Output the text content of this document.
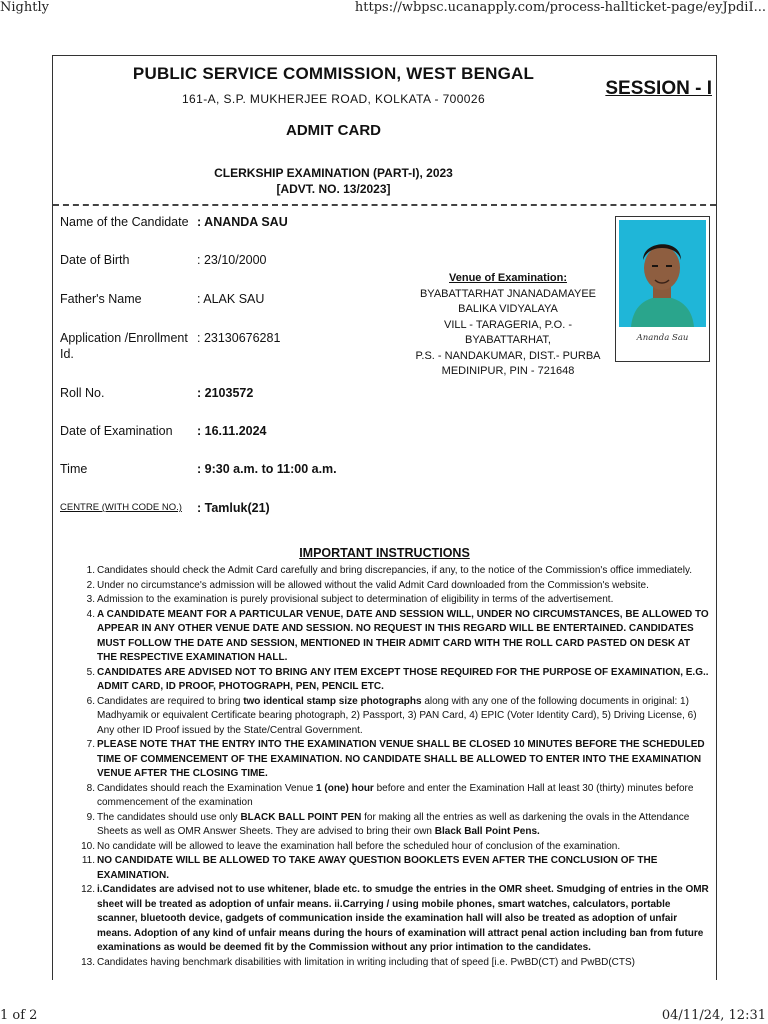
Nightly	https://wbpsc.ucanapply.com/process-hallticket-page/eyJpdiI...
1 of 2	04/11/24, 12:31
PUBLIC SERVICE COMMISSION, WEST BENGAL
161-A, S.P. MUKHERJEE ROAD, KOLKATA - 700026	SESSION - I
ADMIT CARD
CLERKSHIP EXAMINATION (PART-I), 2023
[ADVT. NO. 13/2023]
Name of the Candidate : ANANDA SAU
Date of Birth	: 23/10/2000
Father's Name	: ALAK SAU
Application /Enrollment Id.
: 23130676281
Roll No.	: 2103572
Date of Examination	: 16.11.2024
Time	: 9:30 a.m. to 11:00 a.m.
CENTRE (WITH CODE NO.)	: Tamluk(21)
Venue of Examination:
BYABATTARHAT JNANADAMAYEE
BALIKA VIDYALAYA
VILL - TARAGERIA, P.O. - BYABATTARHAT,
P.S. - NANDAKUMAR, DIST.- PURBA
MEDINIPUR, PIN - 721648
Ananda Sau
IMPORTANT INSTRUCTIONS
1. Candidates should check the Admit Card carefully and bring discrepancies, if any, to the notice of the Commission's office immediately.
2. Under no circumstance's admission will be allowed without the valid Admit Card downloaded from the Commission's website.
3. Admission to the examination is purely provisional subject to determination of eligibility in terms of the advertisement.
4. A CANDIDATE MEANT FOR A PARTICULAR VENUE, DATE AND SESSION WILL, UNDER NO CIRCUMSTANCES, BE ALLOWED TO APPEAR IN ANY OTHER VENUE DATE AND SESSION. NO REQUEST IN THIS REGARD WILL BE ENTERTAINED. CANDIDATES MUST FOLLOW THE DATE AND SESSION, MENTIONED IN THEIR ADMIT CARD WITH THE ROLL CARD PASTED ON DESK AT THE RESPECTIVE EXAMINATION HALL.
5. CANDIDATES ARE ADVISED NOT TO BRING ANY ITEM EXCEPT THOSE REQUIRED FOR THE PURPOSE OF EXAMINATION, E.G.. ADMIT CARD, ID PROOF, PHOTOGRAPH, PEN, PENCIL ETC.
6. Candidates are required to bring two identical stamp size photographs along with any one of the following documents in original: 1) Madhyamik or equivalent Certificate bearing photograph, 2) Passport, 3) PAN Card, 4) EPIC (Voter Identity Card), 5) Driving License, 6) Any other ID Proof issued by the State/Central Government.
7. PLEASE NOTE THAT THE ENTRY INTO THE EXAMINATION VENUE SHALL BE CLOSED 10 MINUTES BEFORE THE SCHEDULED TIME OF COMMENCEMENT OF THE EXAMINATION. NO CANDIDATE SHALL BE ALLOWED TO ENTER INTO THE EXAMINATION VENUE AFTER THE CLOSING TIME.
8. Candidates should reach the Examination Venue 1 (one) hour before and enter the Examination Hall at least 30 (thirty) minutes before commencement of the examination
9. The candidates should use only BLACK BALL POINT PEN for making all the entries as well as darkening the ovals in the Attendance Sheets as well as OMR Answer Sheets. They are advised to bring their own Black Ball Point Pens.
10. No candidate will be allowed to leave the examination hall before the scheduled hour of conclusion of the examination.
11. NO CANDIDATE WILL BE ALLOWED TO TAKE AWAY QUESTION BOOKLETS EVEN AFTER THE CONCLUSION OF THE EXAMINATION.
12. i.Candidates are advised not to use whitener, blade etc. to smudge the entries in the OMR sheet. Smudging of entries in the OMR sheet will be treated as adoption of unfair means. ii.Carrying / using mobile phones, smart watches, calculators, portable scanner, bluetooth device, gadgets of communication inside the examination hall will also be treated as adoption of unfair means. Adoption of any kind of unfair means during the hours of examination will attract penal action including ban from future examinations as would be deemed fit by the Commission without any prior intimation to the candidates.
13. Candidates having benchmark disabilities with limitation in writing including that of speed [i.e. PwBD(CT) and PwBD(CTS)
